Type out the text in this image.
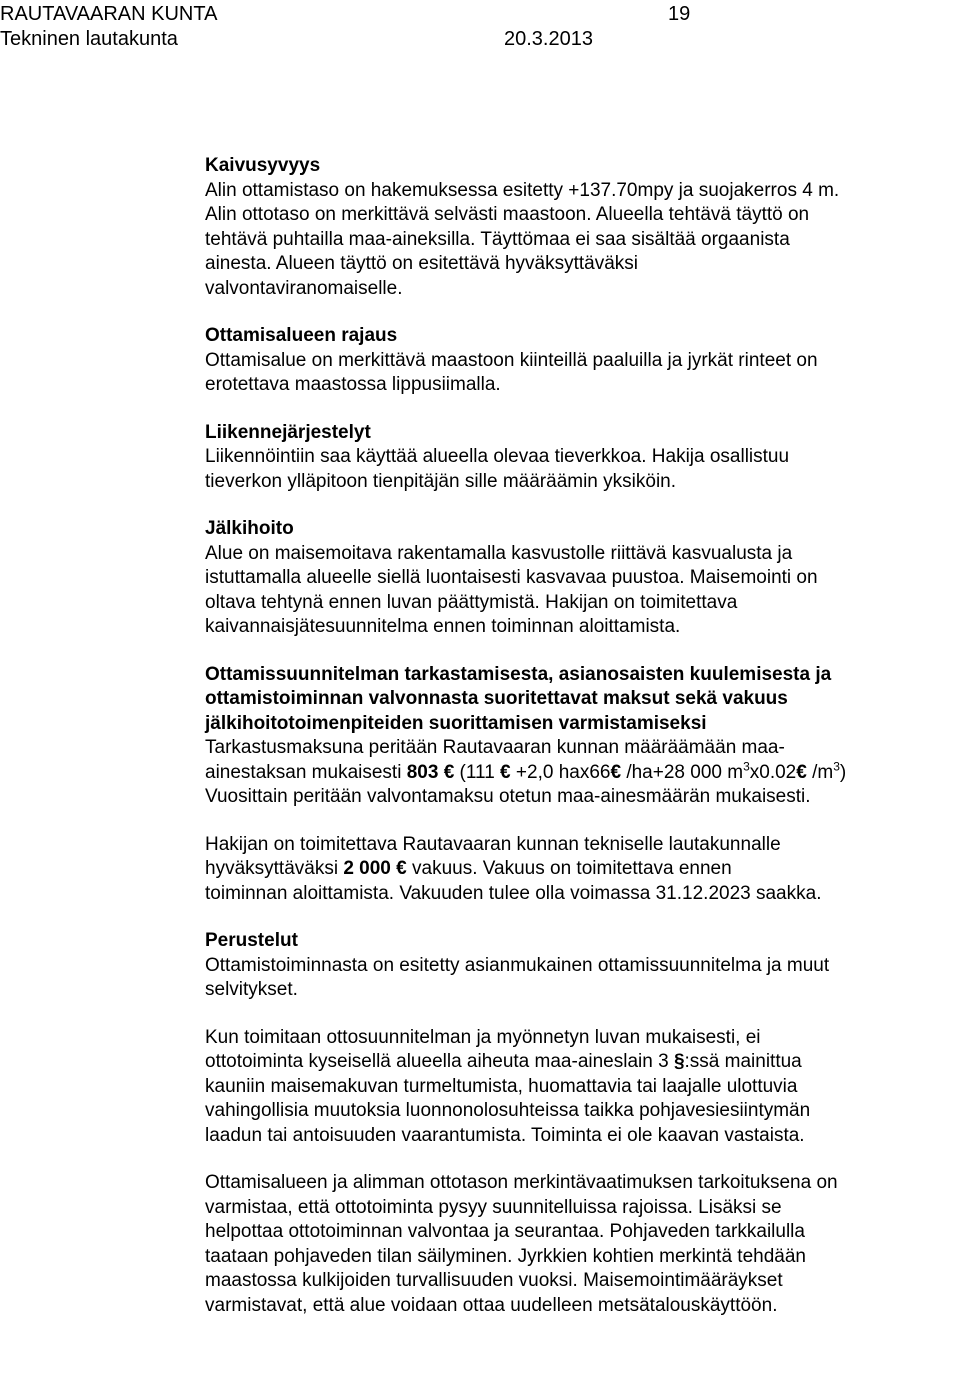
RAUTAVAARAN KUNTA	19
Tekninen lautakunta	20.3.2013
Kaivusyvyys
Alin ottamistaso on hakemuksessa esitetty +137.70mpy ja suojakerros 4 m.
Alin ottotaso on merkittävä selvästi maastoon. Alueella tehtävä täyttö on
tehtävä puhtailla maa-aineksilla. Täyttömaa ei saa sisältää orgaanista
ainesta. Alueen täyttö on esitettävä hyväksyttäväksi
valvontaviranomaiselle.
Ottamisalueen rajaus
Ottamisalue on merkittävä maastoon kiinteillä paaluilla ja jyrkät rinteet on
erotettava maastossa lippusiimalla.
Liikennejärjestelyt
Liikennöintiin saa käyttää alueella olevaa tieverkkoa. Hakija osallistuu
tieverkon ylläpitoon tienpitäjän sille määräämin yksiköin.
Jälkihoito
Alue on maisemoitava rakentamalla kasvustolle riittävä kasvualusta ja
istuttamalla alueelle siellä luontaisesti kasvavaa puustoa. Maisemointi on
oltava tehtynä ennen luvan päättymistä. Hakijan on toimitettava
kaivannaisjätesuunnitelma ennen toiminnan aloittamista.
Ottamissuunnitelman tarkastamisesta, asianosaisten kuulemisesta ja
ottamistoiminnan valvonnasta suoritettavat maksut sekä vakuus
jälkihoitotoimenpiteiden suorittamisen varmistamiseksi
Tarkastusmaksuna peritään Rautavaaran kunnan määräämään maa-
ainestaksan mukaisesti 803 € (111 € +2,0 hax66€ /ha+28 000 $m^3x0.02€$ $/m^3$)
Vuosittain peritään valvontamaksu otetun maa-ainesmäärän mukaisesti.
Hakijan on toimitettava Rautavaaran kunnan tekniselle lautakunnalle
hyväksyttäväksi 2 000 € vakuus. Vakuus on toimitettava ennen
toiminnan aloittamista. Vakuuden tulee olla voimassa 31.12.2023 saakka.
Perustelut
Ottamistoiminnasta on esitetty asianmukainen ottamissuunnitelma ja muut
selvitykset.
Kun toimitaan ottosuunnitelman ja myönnetyn luvan mukaisesti, ei
ottotoiminta kyseisellä alueella aiheuta maa-aineslain 3 §:ssä mainittua
kauniin maisemakuvan turmeltumista, huomattavia tai laajalle ulottuvia
vahingollisia muutoksia luonnonolosuhteissa taikka pohjavesiesiintymän
laadun tai antoisuuden vaarantumista. Toiminta ei ole kaavan vastaista.
Ottamisalueen ja alimman ottotason merkintävaatimuksen tarkoituksena on
varmistaa, että ottotoiminta pysyy suunnitelluissa rajoissa. Lisäksi se
helpottaa ottotoiminnan valvontaa ja seurantaa. Pohjaveden tarkkailulla
taataan pohjaveden tilan säilyminen. Jyrkkien kohtien merkintä tehdään
maastossa kulkijoiden turvallisuuden vuoksi. Maisemointimääräykset
varmistavat, että alue voidaan ottaa uudelleen metsätalouskäyttöön.
